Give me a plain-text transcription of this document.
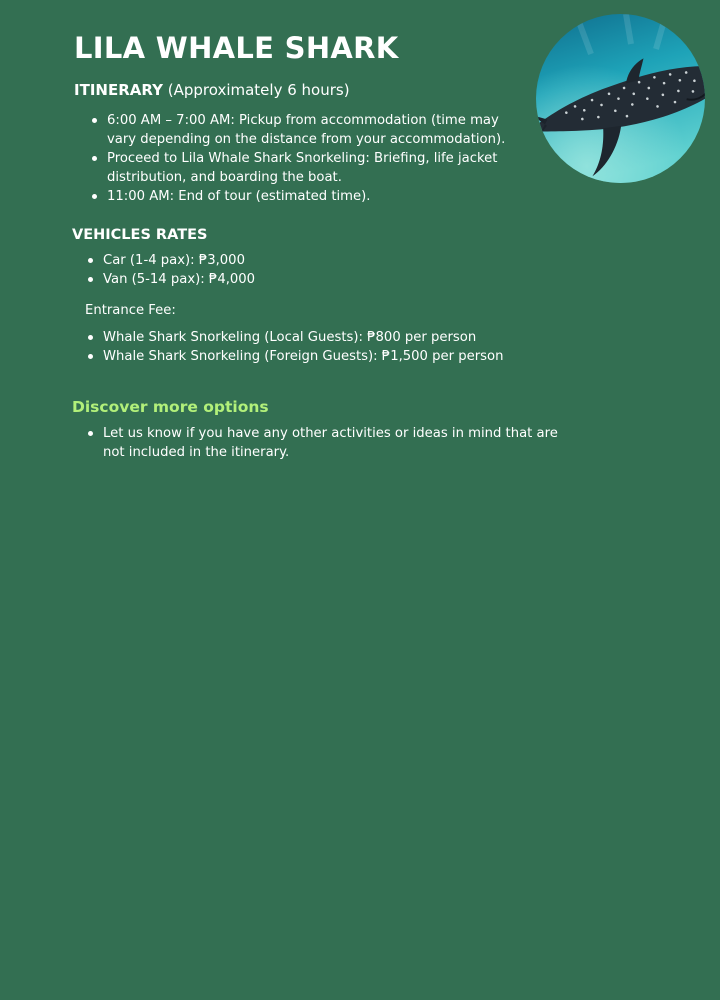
LILA WHALE SHARK

ITINERARY (Approximately 6 hours)

6:00 AM – 7:00 AM: Pickup from accommodation (time may vary depending on the distance from your accommodation).
Proceed to Lila Whale Shark Snorkeling: Briefing, life jacket distribution, and boarding the boat.
11:00 AM: End of tour (estimated time).
VEHICLES RATES
Car (1-4 pax): ₱3,000
Van (5-14 pax): ₱4,000

Entrance Fee:

Whale Shark Snorkeling (Local Guests): ₱800 per person
Whale Shark Snorkeling (Foreign Guests): ₱1,500 per person
Discover more options
Let us know if you have any other activities or ideas in mind that are not included in the itinerary.
